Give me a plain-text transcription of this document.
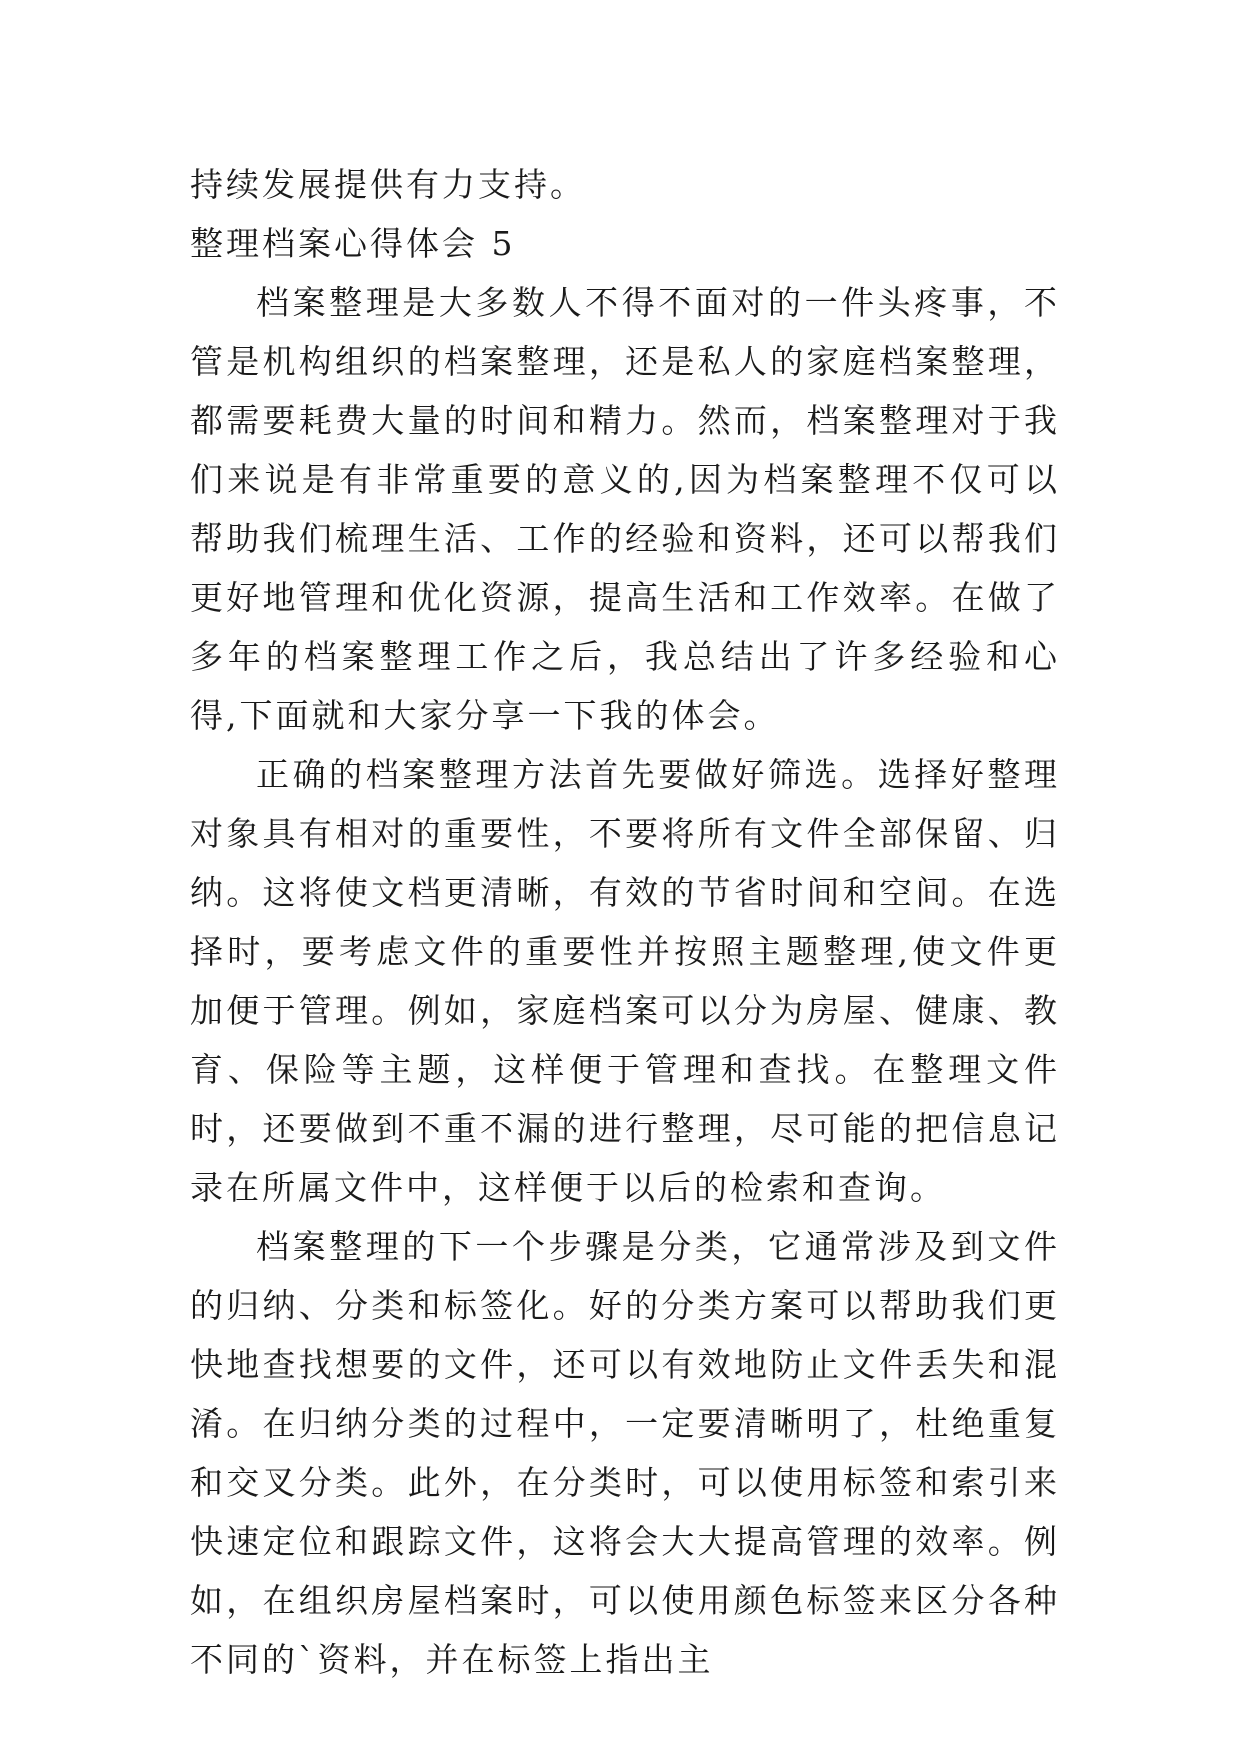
持续发展提供有力支持。

整理档案心得体会 5

档案整理是大多数人不得不面对的一件头疼事，不管是机构组织的档案整理，还是私人的家庭档案整理，都需要耗费大量的时间和精力。然而，档案整理对于我们来说是有非常重要的意义的,因为档案整理不仅可以帮助我们梳理生活、工作的经验和资料，还可以帮我们更好地管理和优化资源，提高生活和工作效率。在做了多年的档案整理工作之后，我总结出了许多经验和心得,下面就和大家分享一下我的体会。

正确的档案整理方法首先要做好筛选。选择好整理对象具有相对的重要性，不要将所有文件全部保留、归纳。这将使文档更清晰，有效的节省时间和空间。在选择时，要考虑文件的重要性并按照主题整理,使文件更加便于管理。例如，家庭档案可以分为房屋、健康、教育、保险等主题，这样便于管理和查找。在整理文件时，还要做到不重不漏的进行整理，尽可能的把信息记录在所属文件中，这样便于以后的检索和查询。

档案整理的下一个步骤是分类，它通常涉及到文件的归纳、分类和标签化。好的分类方案可以帮助我们更快地查找想要的文件，还可以有效地防止文件丢失和混淆。在归纳分类的过程中，一定要清晰明了，杜绝重复和交叉分类。此外，在分类时，可以使用标签和索引来快速定位和跟踪文件，这将会大大提高管理的效率。例如，在组织房屋档案时，可以使用颜色标签来区分各种不同的`资料，并在标签上指出主
